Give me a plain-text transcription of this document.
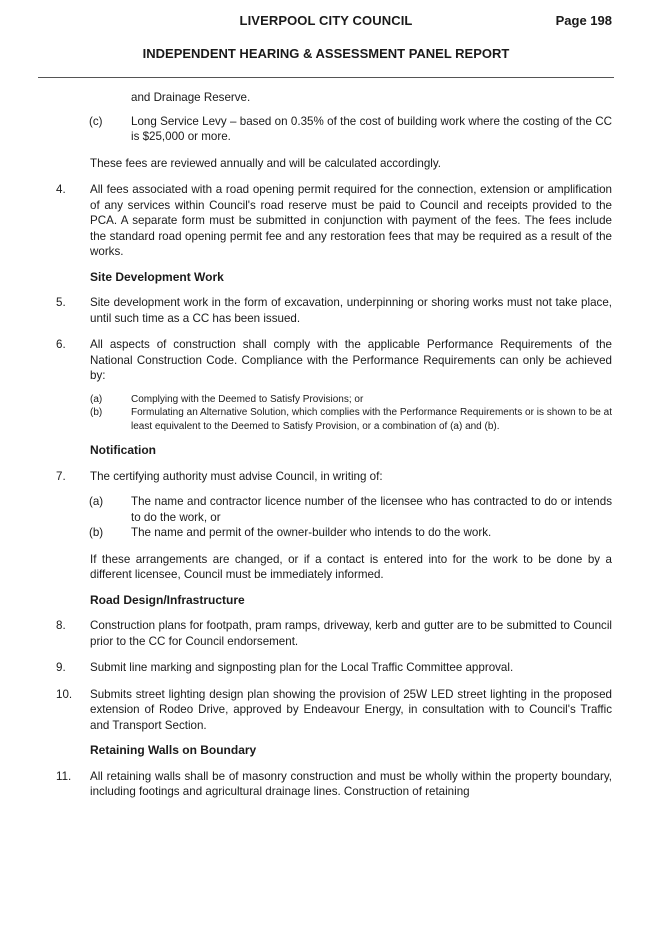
LIVERPOOL CITY COUNCIL	Page 198
INDEPENDENT HEARING & ASSESSMENT PANEL REPORT

and Drainage Reserve.

(c) Long Service Levy – based on 0.35% of the cost of building work where the costing of the CC is $25,000 or more.

These fees are reviewed annually and will be calculated accordingly.

4.	All fees associated with a road opening permit required for the connection, extension or amplification of any services within Council's road reserve must be paid to Council and receipts provided to the PCA. A separate form must be submitted in conjunction with payment of the fees. The fees include the standard road opening permit fee and any restoration fees that may be required as a result of the works.

Site Development Work

5.	Site development work in the form of excavation, underpinning or shoring works must not take place, until such time as a CC has been issued.
6.	All aspects of construction shall comply with the applicable Performance Requirements of the National Construction Code. Compliance with the Performance Requirements can only be achieved by:
(a)	Complying with the Deemed to Satisfy Provisions; or
(b)	Formulating an Alternative Solution, which complies with the Performance Requirements or is shown to be at least equivalent to the Deemed to Satisfy Provision, or a combination of (a) and (b).

Notification

7.	The certifying authority must advise Council, in writing of:
(a) The name and contractor licence number of the licensee who has contracted to do or intends to do the work, or
(b) The name and permit of the owner-builder who intends to do the work.

If these arrangements are changed, or if a contact is entered into for the work to be done by a different licensee, Council must be immediately informed.

Road Design/Infrastructure

8.	Construction plans for footpath, pram ramps, driveway, kerb and gutter are to be submitted to Council prior to the CC for Council endorsement.
9.	Submit line marking and signposting plan for the Local Traffic Committee approval.
10.	Submits street lighting design plan showing the provision of 25W LED street lighting in the proposed extension of Rodeo Drive, approved by Endeavour Energy, in consultation with to Council's Traffic and Transport Section.

Retaining Walls on Boundary

11.	All retaining walls shall be of masonry construction and must be wholly within the property boundary, including footings and agricultural drainage lines. Construction of retaining
